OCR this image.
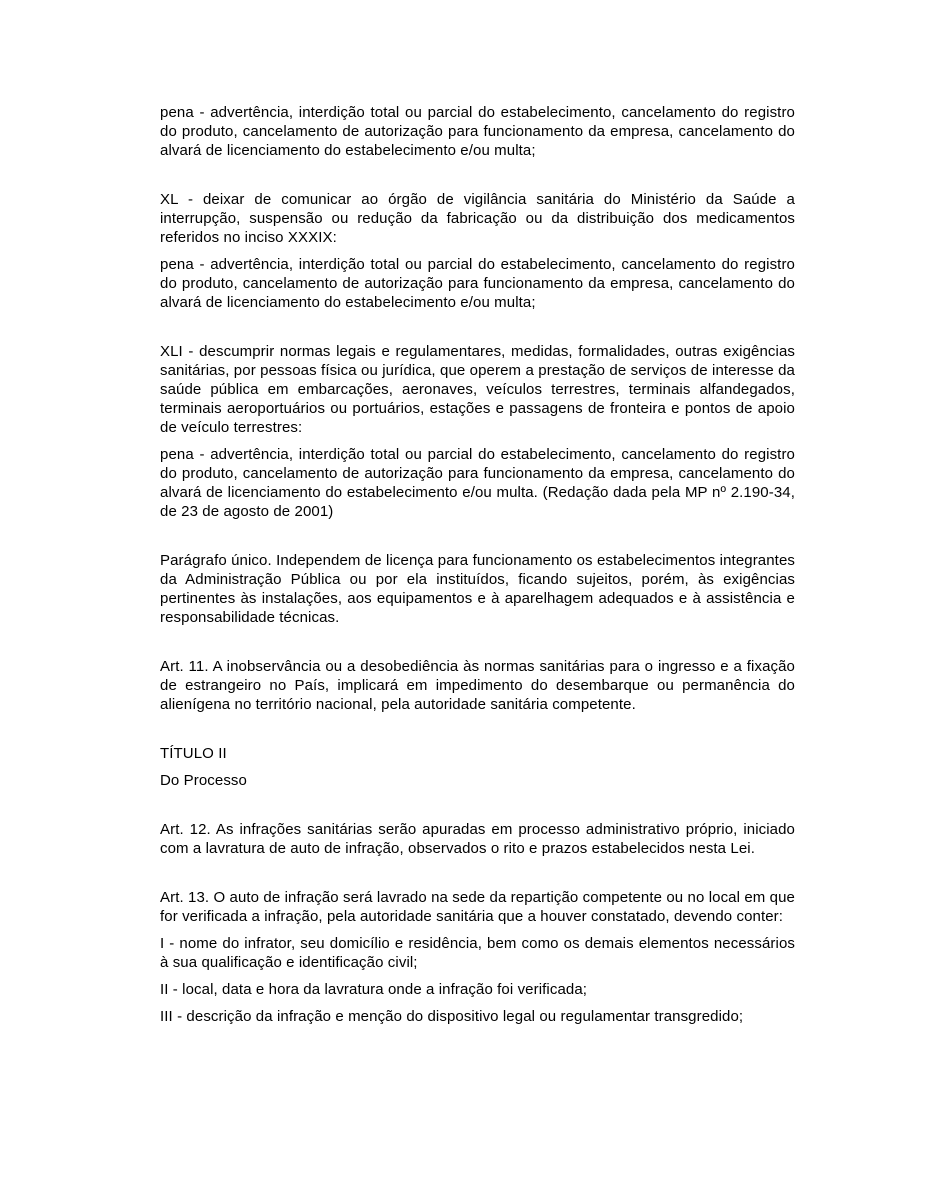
pena - advertência, interdição total ou parcial do estabelecimento, cancelamento do registro do produto, cancelamento de autorização para funcionamento da empresa, cancelamento do alvará de licenciamento do estabelecimento e/ou multa;

XL - deixar de comunicar ao órgão de vigilância sanitária do Ministério da Saúde a interrupção, suspensão ou redução da fabricação ou da distribuição dos medicamentos referidos no inciso XXXIX:

pena - advertência, interdição total ou parcial do estabelecimento, cancelamento do registro do produto, cancelamento de autorização para funcionamento da empresa, cancelamento do alvará de licenciamento do estabelecimento e/ou multa;

XLI - descumprir normas legais e regulamentares, medidas, formalidades, outras exigências sanitárias, por pessoas física ou jurídica, que operem a prestação de serviços de interesse da saúde pública em embarcações, aeronaves, veículos terrestres, terminais alfandegados, terminais aeroportuários ou portuários, estações e passagens de fronteira e pontos de apoio de veículo terrestres:

pena - advertência, interdição total ou parcial do estabelecimento, cancelamento do registro do produto, cancelamento de autorização para funcionamento da empresa, cancelamento do alvará de licenciamento do estabelecimento e/ou multa. (Redação dada pela MP nº 2.190-34, de 23 de agosto de 2001)

Parágrafo único. Independem de licença para funcionamento os estabelecimentos integrantes da Administração Pública ou por ela instituídos, ficando sujeitos, porém, às exigências pertinentes às instalações, aos equipamentos e à aparelhagem adequados e à assistência e responsabilidade técnicas.

Art. 11. A inobservância ou a desobediência às normas sanitárias para o ingresso e a fixação de estrangeiro no País, implicará em impedimento do desembarque ou permanência do alienígena no território nacional, pela autoridade sanitária competente.

TÍTULO II

Do Processo

Art. 12. As infrações sanitárias serão apuradas em processo administrativo próprio, iniciado com a lavratura de auto de infração, observados o rito e prazos estabelecidos nesta Lei.

Art. 13. O auto de infração será lavrado na sede da repartição competente ou no local em que for verificada a infração, pela autoridade sanitária que a houver constatado, devendo conter:

I - nome do infrator, seu domicílio e residência, bem como os demais elementos necessários à sua qualificação e identificação civil;

II - local, data e hora da lavratura onde a infração foi verificada;

III - descrição da infração e menção do dispositivo legal ou regulamentar transgredido;
